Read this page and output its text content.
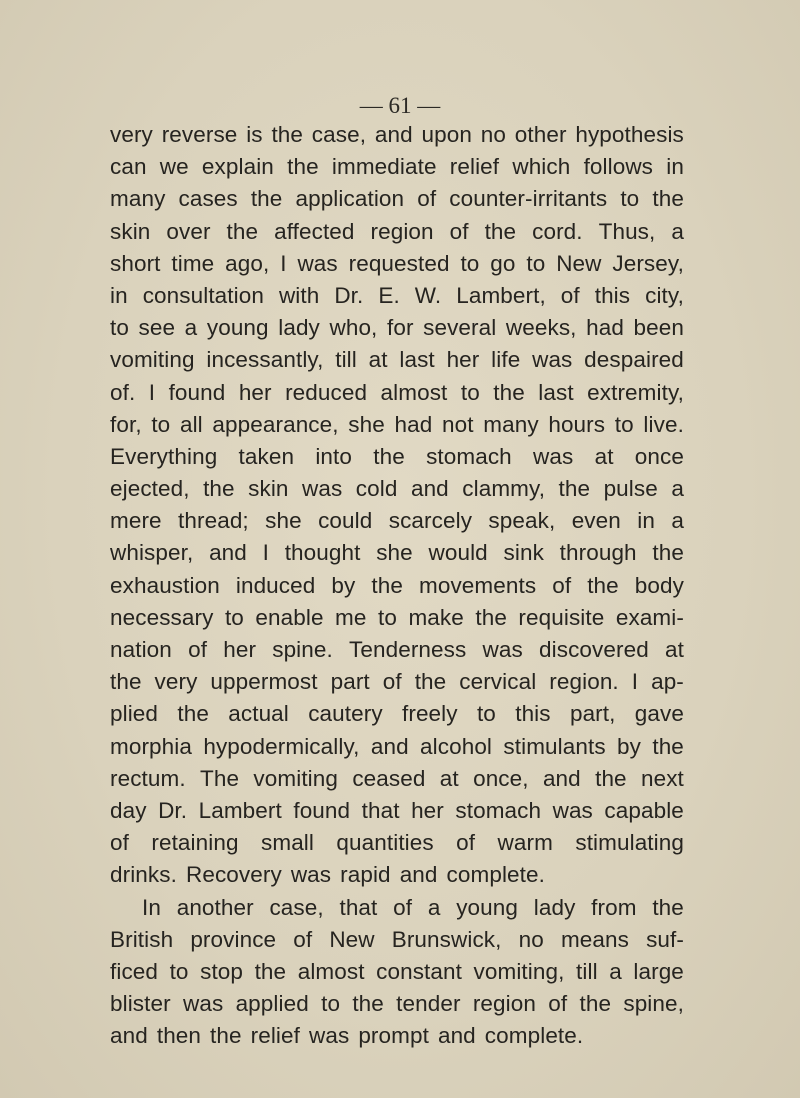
— 61 —
very reverse is the case, and upon no other hypothesis
can we explain the immediate relief which follows in
many cases the application of counter-irritants to the
skin over the affected region of the cord. Thus, a
short time ago, I was requested to go to New Jersey,
in consultation with Dr. E. W. Lambert, of this city,
to see a young lady who, for several weeks, had been
vomiting incessantly, till at last her life was despaired
of. I found her reduced almost to the last extremity,
for, to all appearance, she had not many hours to live.
Everything taken into the stomach was at once
ejected, the skin was cold and clammy, the pulse a
mere thread; she could scarcely speak, even in a
whisper, and I thought she would sink through the
exhaustion induced by the movements of the body
necessary to enable me to make the requisite exami-
nation of her spine. Tenderness was discovered at
the very uppermost part of the cervical region. I ap-
plied the actual cautery freely to this part, gave
morphia hypodermically, and alcohol stimulants by the
rectum. The vomiting ceased at once, and the next
day Dr. Lambert found that her stomach was capable
of retaining small quantities of warm stimulating
drinks. Recovery was rapid and complete.
In another case, that of a young lady from the
British province of New Brunswick, no means suf-
ficed to stop the almost constant vomiting, till a large
blister was applied to the tender region of the spine,
and then the relief was prompt and complete.
